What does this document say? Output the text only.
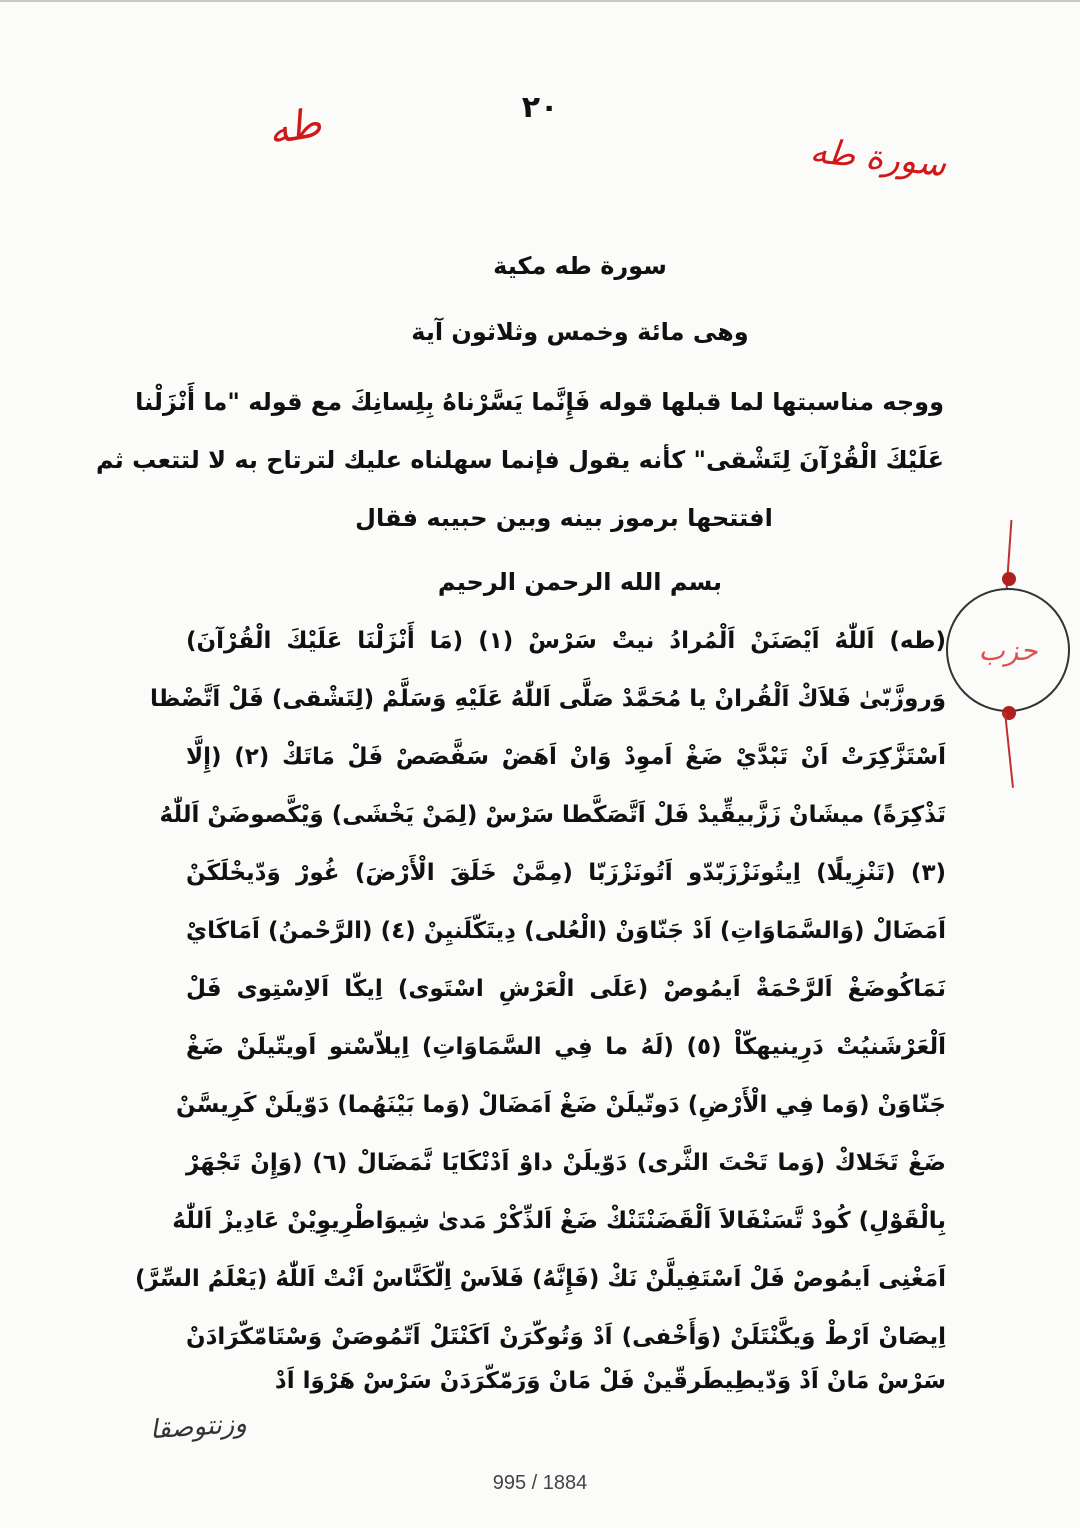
٢٠
طه
سورة طه
سورة طه مكية
وهى مائة وخمس وثلاثون آية
ووجه مناسبتها لما قبلها قوله فَإِنَّما يَسَّرْناهُ بِلِسانِكَ مع قوله "ما أَنْزَلْنا
عَلَيْكَ الْقُرْآنَ لِتَشْقى" كأنه يقول فإنما سهلناه عليك لترتاح به لا لتتعب ثم
افتتحها برموز بينه وبين حبيبه فقال
بسم الله الرحمن الرحيم
(طه) اَللّٰهُ اَيْصَنَنْ اَلْمُرادُ نيتْ سَرْسْ (١) (مَا أَنْزَلْنَا عَلَيْكَ الْقُرْآنَ)
وَروزَّبّىٰ فَلاَكْ اَلْقُرانْ يا مُحَمَّدْ صَلَّى اَللّٰهُ عَلَيْهِ وَسَلَّمْ (لِتَشْقى) فَلْ اَتَّضْظا
اَسْتَزَّكِرَتْ اَنْ تَبْدَّيْ ضَغْ اَموِدْ وَانْ اَهَضْ سَفَّصَصْ فَلْ مَاتَكْ (٢) (إِلَّا
تَذْكِرَةً) ميشَانْ زَزَّبيقِّيدْ فَلْ اَتَّصَكَّطا سَرْسْ (لِمَنْ يَخْشَى) وَيْكَّصوضَنْ اَللّٰهُ
(٣) (تَنْزِيلًا) اِيتُونَزْزَبّدّو اَتُونَزْزَبّا (مِمَّنْ خَلَقَ الْأَرْضَ) غُورْ وَدّيخْلَكَنْ
اَمَضَالْ (وَالسَّمَاوَاتِ) اَدْ جَنّاوَنْ (الْعُلى) دِيتَكّلَنيِنْ (٤) (الرَّحْمنُ) اَمَاكَايْ
نَمَاكُوضَغْ اَلرَّحْمَةْ اَيمُوصْ (عَلَى الْعَرْشِ اسْتَوى) اِيكّا اَلاِسْتِوى فَلْ
اَلْعَرْشَنيُتْ دَرِينيهكّاْ (٥) (لَهُ ما فِي السَّمَاوَاتِ) اِيلاّسْتو اَويتّيلَنْ ضَغْ
جَنّاوَنْ (وَما فِي الْأَرْضِ) دَوتّيلَنْ ضَغْ اَمَضَالْ (وَما بَيْنَهُما) دَوّيلَنْ كَرِيسَّنْ
ضَغْ تَخَلاكْ (وَما تَحْتَ الثَّرى) دَوّيلَنْ داوْ اَدْنْكَايَا نَّمَضَالْ (٦) (وَإِنْ تَجْهَرْ
بِالْقَوْلِ) كُودْ تَّسَنْفَالاَ اَلْقَضَنْتَنْكْ ضَغْ اَلذِّكْرْ مَدىٰ شِيوَاطْرِيوِيْنْ عَادِيزْ اَللّٰهُ
اَمَغْنِى اَيمُوصْ فَلْ اَسْتَفِيلَّنْ نَكْ (فَإِنَّهُ) فَلاَسْ اِلّكَنَّاسْ اَنْتْ اَللّٰهُ (يَعْلَمُ السِّرَّ)
اِيصَانْ اَرْطْ وَيكَّنْتَلَنْ (وَأَخْفى) اَدْ وَتُوكّرَنْ اَكَنْتَلْ اَتّمُوصَنْ وَسْتَامّكّرَادَنْ
سَرْسْ مَانْ اَدْ وَدّيطِيطَرقّينْ فَلْ مَانْ وَرَمّكّرَدَنْ سَرْسْ هَرْوَا اَدْ
حزب
وزنتوصقا
995 / 1884
